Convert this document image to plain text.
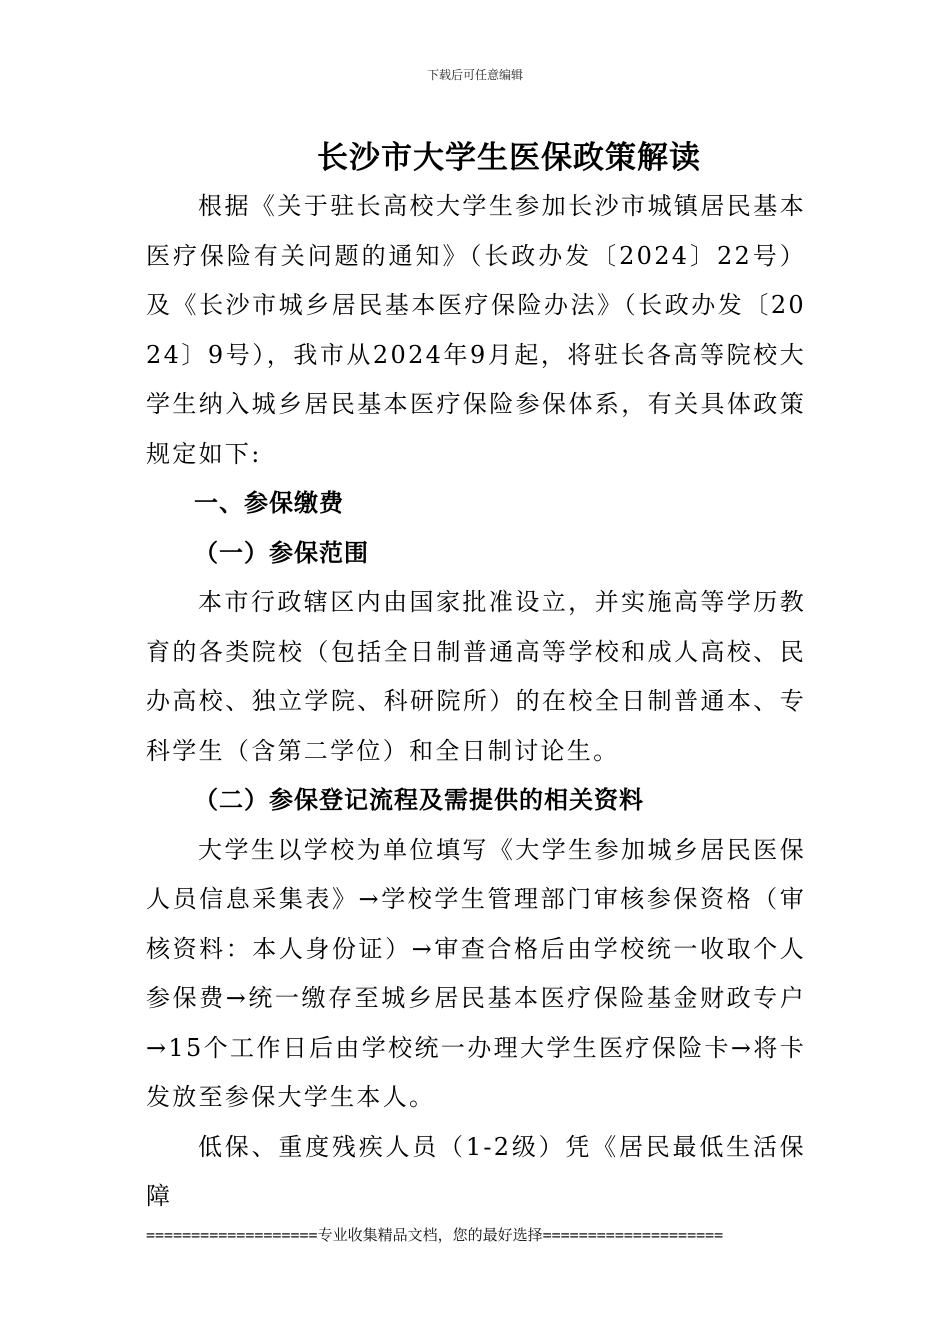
下载后可任意编辑
长沙市大学生医保政策解读

根据《关于驻长高校大学生参加长沙市城镇居民基本医疗保险有关问题的通知》（长政办发〔2024〕22号）及《长沙市城乡居民基本医疗保险办法》（长政办发〔2024〕9号），我市从2024年9月起，将驻长各高等院校大学生纳入城乡居民基本医疗保险参保体系，有关具体政策规定如下:

一、参保缴费

（一）参保范围

本市行政辖区内由国家批准设立，并实施高等学历教育的各类院校（包括全日制普通高等学校和成人高校、民办高校、独立学院、科研院所）的在校全日制普通本、专科学生（含第二学位）和全日制讨论生。

（二）参保登记流程及需提供的相关资料

大学生以学校为单位填写《大学生参加城乡居民医保人员信息采集表》→学校学生管理部门审核参保资格（审核资料：本人身份证）→审查合格后由学校统一收取个人参保费→统一缴存至城乡居民基本医疗保险基金财政专户→15个工作日后由学校统一办理大学生医疗保险卡→将卡发放至参保大学生本人。

低保、重度残疾人员（1-2级）凭《居民最低生活保障

===================专业收集精品文档，您的最好选择====================
